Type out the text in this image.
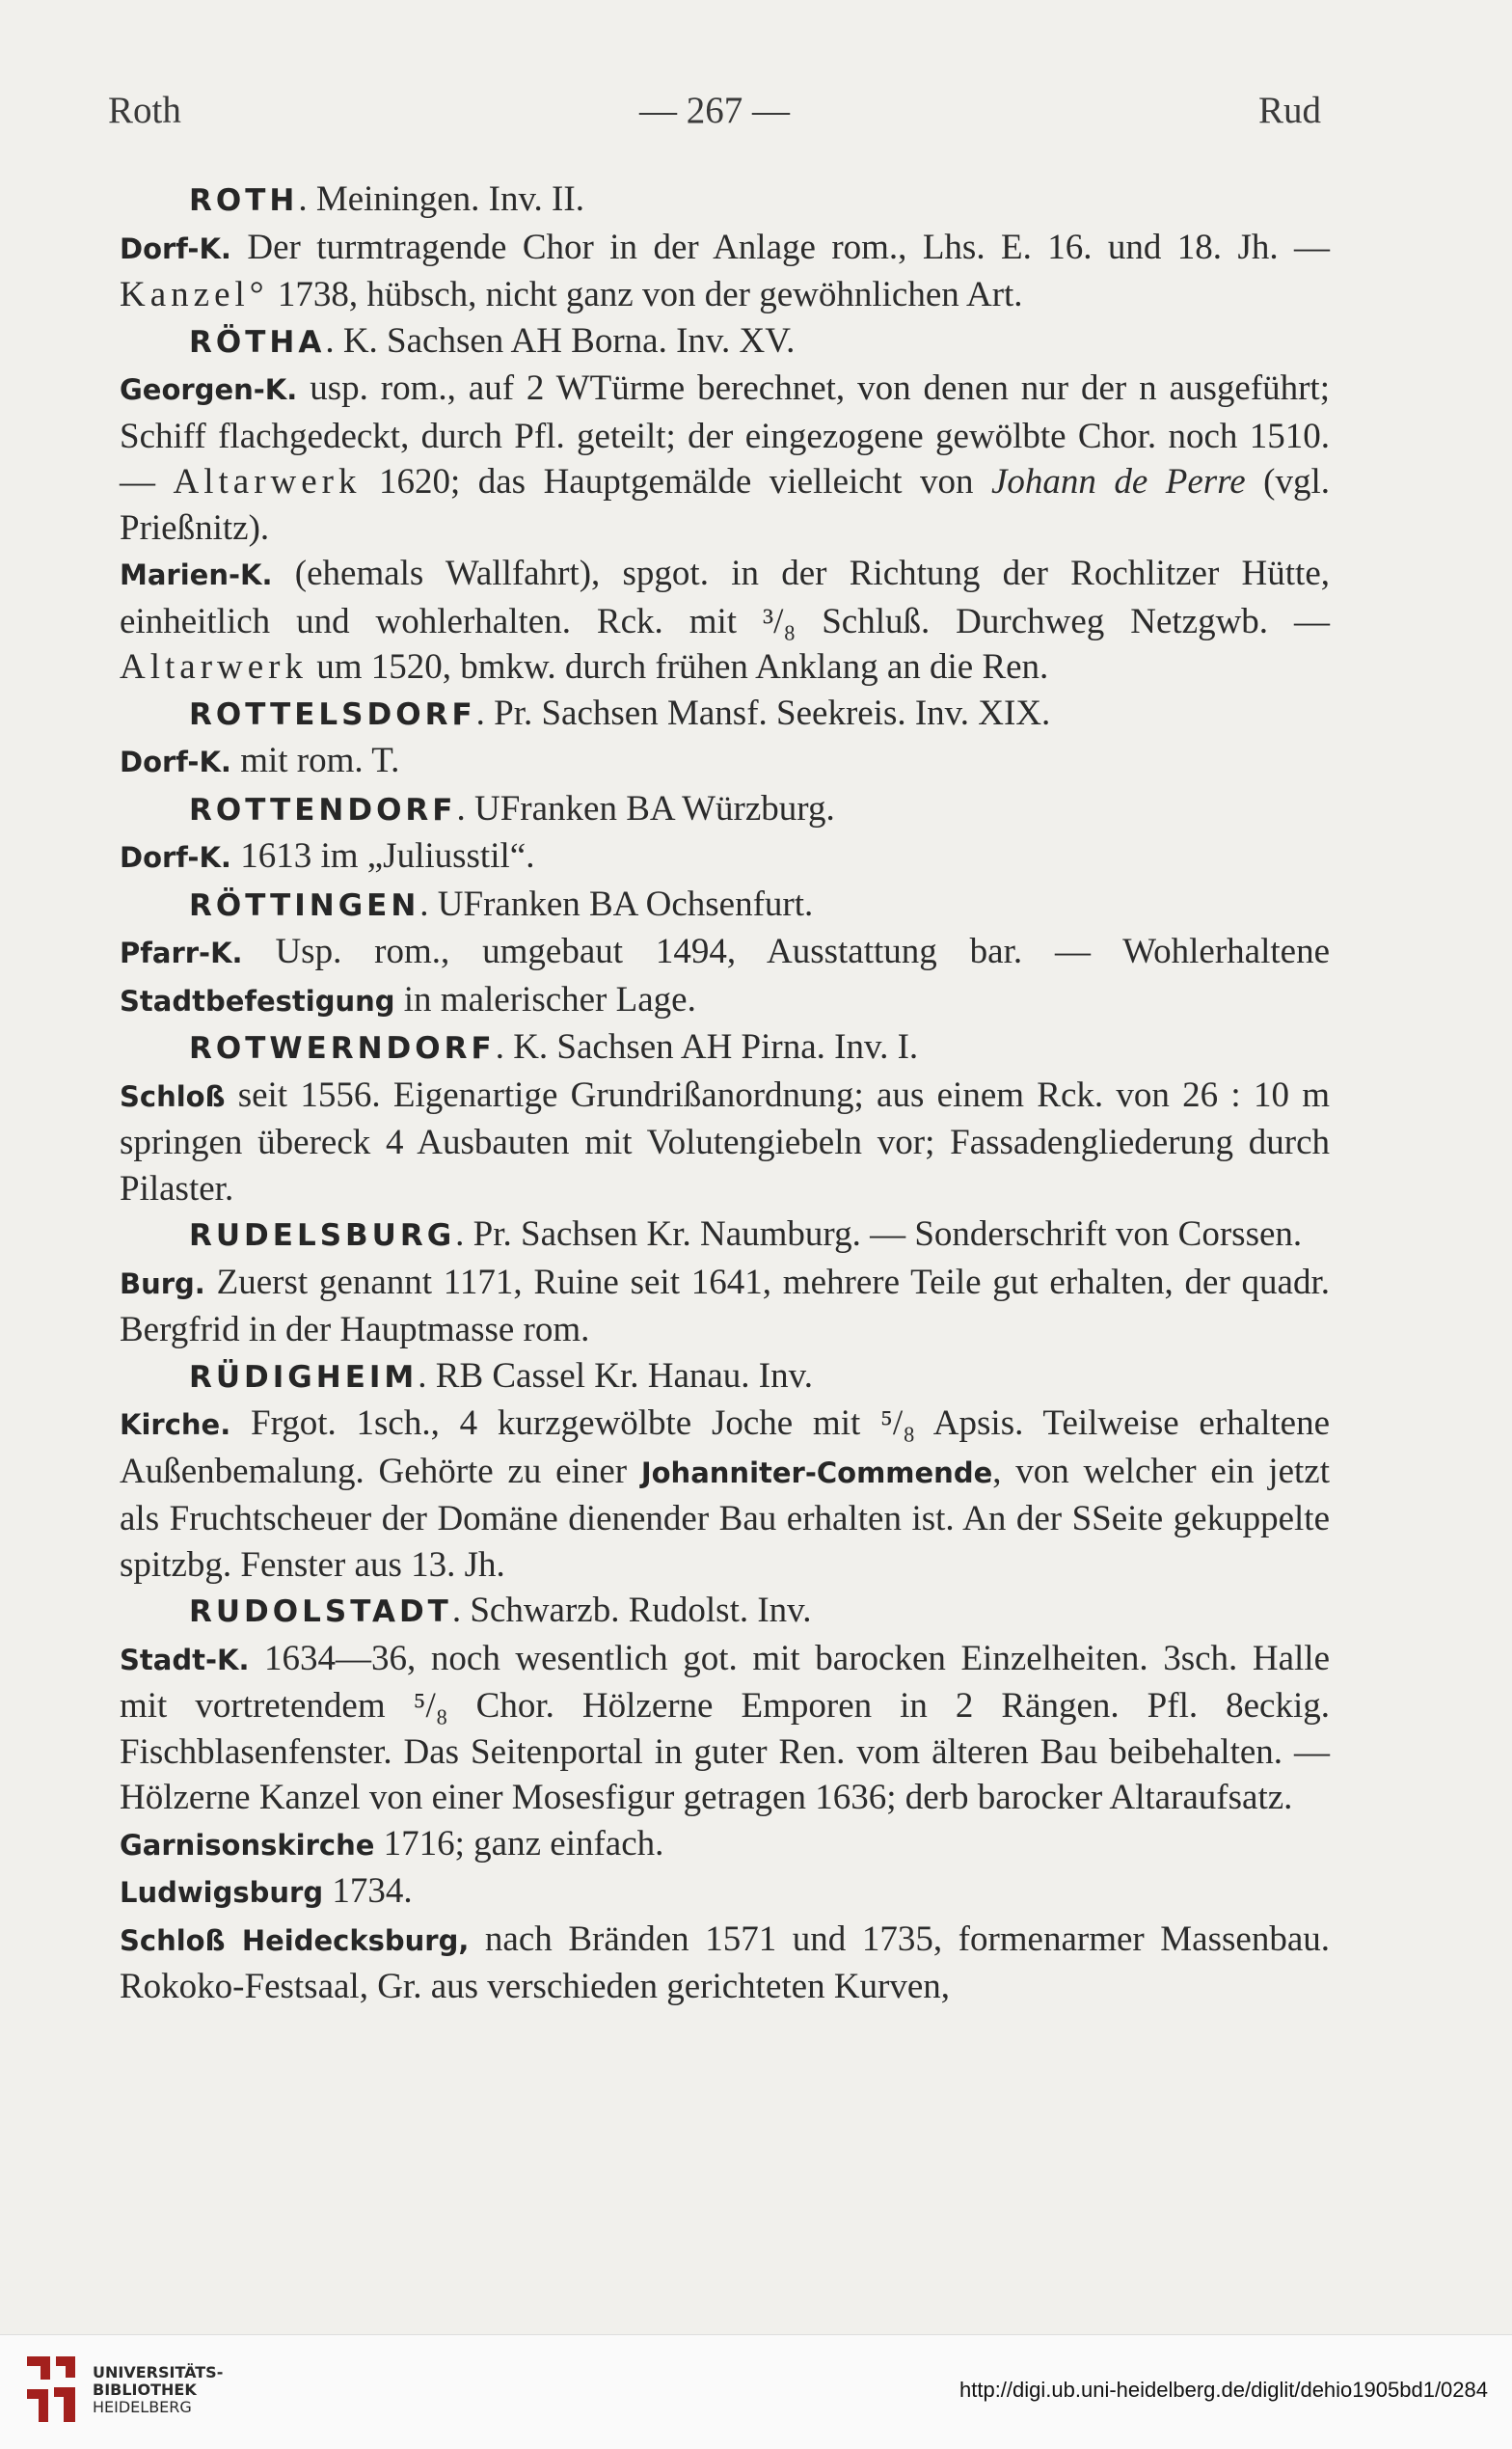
Roth	— 267 —	Rud

ROTH. Meiningen. Inv. II.

Dorf-K. Der turmtragende Chor in der Anlage rom., Lhs. E. 16. und 18. Jh. — Kanzel° 1738, hübsch, nicht ganz von der gewöhnlichen Art.

RÖTHA. K. Sachsen AH Borna. Inv. XV.

Georgen-K. usp. rom., auf 2 WTürme berechnet, von denen nur der n ausgeführt; Schiff flachgedeckt, durch Pfl. geteilt; der eingezogene gewölbte Chor. noch 1510. — Altarwerk 1620; das Hauptgemälde vielleicht von Johann de Perre (vgl. Prießnitz).

Marien-K. (ehemals Wallfahrt), spgot. in der Richtung der Rochlitzer Hütte, einheitlich und wohlerhalten. Rck. mit ³/₈ Schluß. Durchweg Netzgwb. — Altarwerk um 1520, bmkw. durch frühen Anklang an die Ren.

ROTTELSDORF. Pr. Sachsen Mansf. Seekreis. Inv. XIX.

Dorf-K. mit rom. T.

ROTTENDORF. UFranken BA Würzburg.

Dorf-K. 1613 im „Juliusstil“.

RÖTTINGEN. UFranken BA Ochsenfurt.

Pfarr-K. Usp. rom., umgebaut 1494, Ausstattung bar. — Wohlerhaltene Stadtbefestigung in malerischer Lage.

ROTWERNDORF. K. Sachsen AH Pirna. Inv. I.

Schloß seit 1556. Eigenartige Grundrißanordnung; aus einem Rck. von 26 : 10 m springen übereck 4 Ausbauten mit Volutengiebeln vor; Fassadengliederung durch Pilaster.

RUDELSBURG. Pr. Sachsen Kr. Naumburg. — Sonderschrift von Corssen.

Burg. Zuerst genannt 1171, Ruine seit 1641, mehrere Teile gut erhalten, der quadr. Bergfrid in der Hauptmasse rom.

RÜDIGHEIM. RB Cassel Kr. Hanau. Inv.

Kirche. Frgot. 1sch., 4 kurzgewölbte Joche mit ⁵/₈ Apsis. Teilweise erhaltene Außenbemalung. Gehörte zu einer Johanniter-Commende, von welcher ein jetzt als Fruchtscheuer der Domäne dienender Bau erhalten ist. An der SSeite gekuppelte spitzbg. Fenster aus 13. Jh.

RUDOLSTADT. Schwarzb. Rudolst. Inv.

Stadt-K. 1634—36, noch wesentlich got. mit barocken Einzelheiten. 3sch. Halle mit vortretendem ⁵/₈ Chor. Hölzerne Emporen in 2 Rängen. Pfl. 8eckig. Fischblasenfenster. Das Seitenportal in guter Ren. vom älteren Bau beibehalten. — Hölzerne Kanzel von einer Mosesfigur getragen 1636; derb barocker Altaraufsatz.

Garnisonskirche 1716; ganz einfach.

Ludwigsburg 1734.

Schloß Heidecksburg, nach Bränden 1571 und 1735, formenarmer Massenbau. Rokoko-Festsaal, Gr. aus verschieden gerichteten Kurven,

UNIVERSITÄTS-
BIBLIOTHEK
HEIDELBERG
http://digi.ub.uni-heidelberg.de/diglit/dehio1905bd1/0284
